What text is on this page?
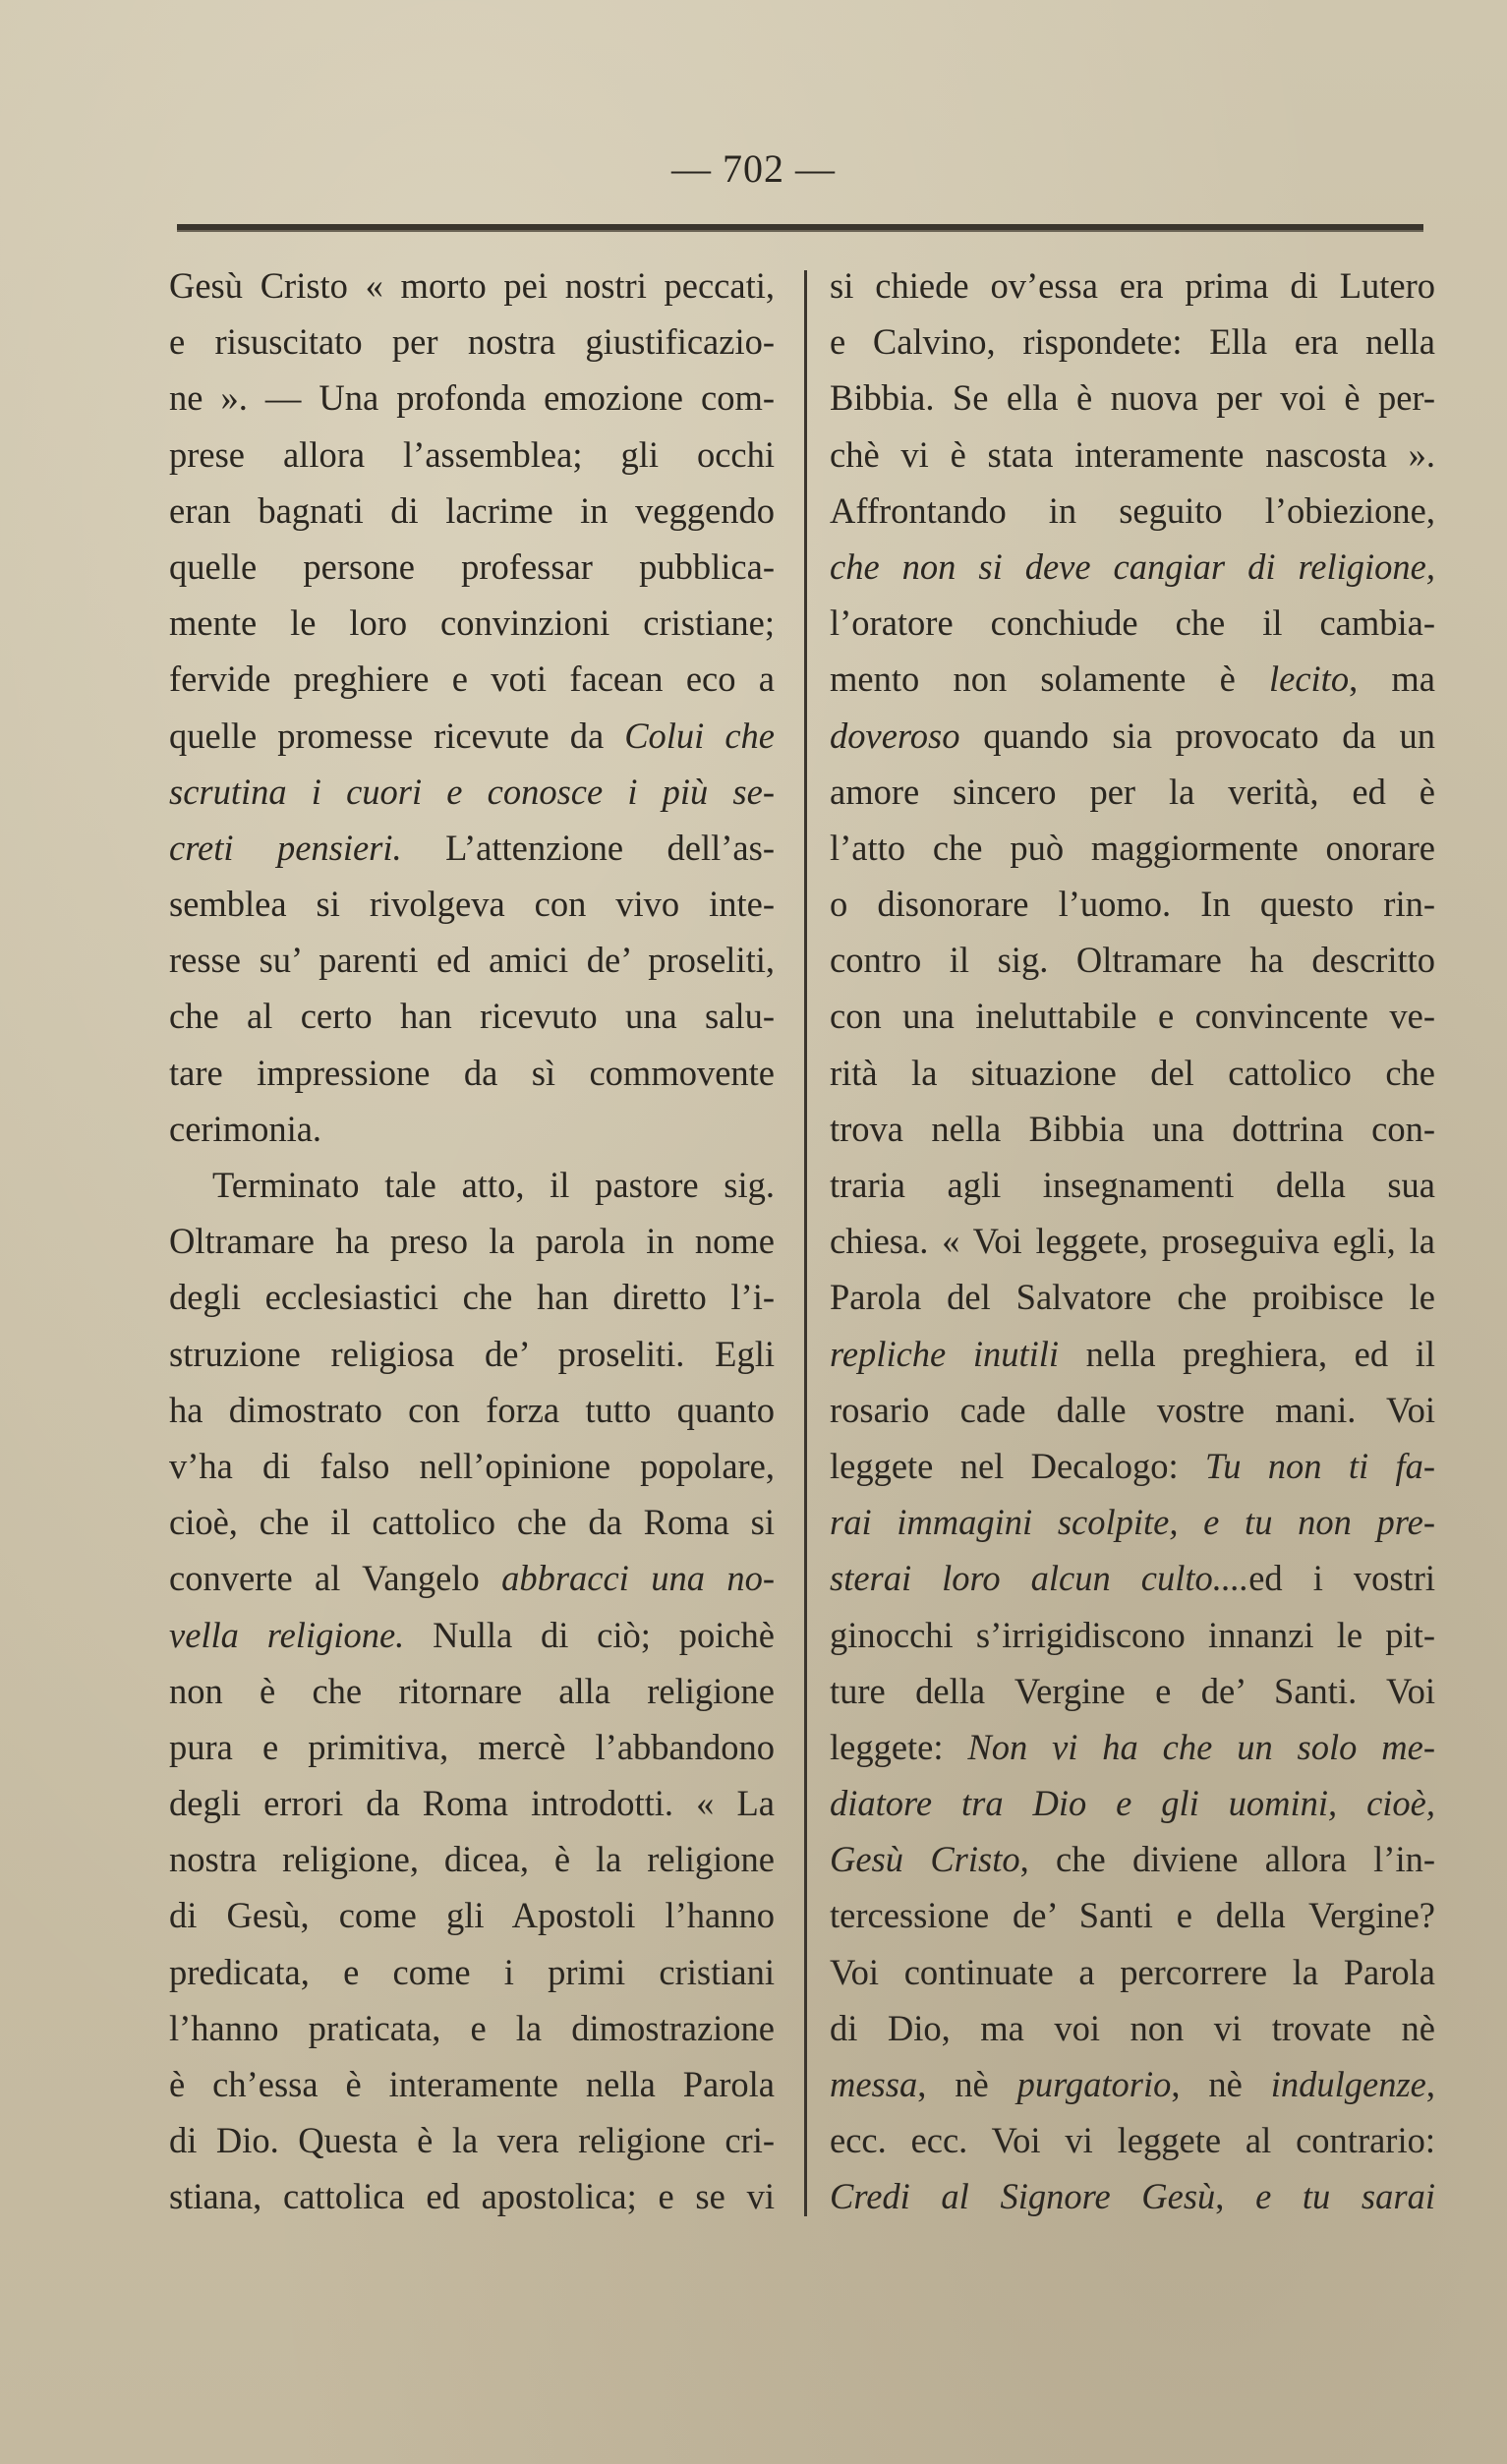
— 702 —
Gesù Cristo « morto pei nostri peccati,
e risuscitato per nostra giustificazio-
ne ». — Una profonda emozione com-
prese allora l’assemblea; gli occhi
eran bagnati di lacrime in veggendo
quelle persone professar pubblica-
mente le loro convinzioni cristiane;
fervide preghiere e voti facean eco a
quelle promesse ricevute da Colui che
scrutina i cuori e conosce i più se-
creti pensieri. L’attenzione dell’as-
semblea si rivolgeva con vivo inte-
resse su’ parenti ed amici de’ proseliti,
che al certo han ricevuto una salu-
tare impressione da sì commovente
cerimonia.
Terminato tale atto, il pastore sig.
Oltramare ha preso la parola in nome
degli ecclesiastici che han diretto l’i-
struzione religiosa de’ proseliti. Egli
ha dimostrato con forza tutto quanto
v’ha di falso nell’opinione popolare,
cioè, che il cattolico che da Roma si
converte al Vangelo abbracci una no-
vella religione. Nulla di ciò; poichè
non è che ritornare alla religione
pura e primitiva, mercè l’abbandono
degli errori da Roma introdotti. « La
nostra religione, dicea, è la religione
di Gesù, come gli Apostoli l’hanno
predicata, e come i primi cristiani
l’hanno praticata, e la dimostrazione
è ch’essa è interamente nella Parola
di Dio. Questa è la vera religione cri-
stiana, cattolica ed apostolica; e se vi
si chiede ov’essa era prima di Lutero
e Calvino, rispondete: Ella era nella
Bibbia. Se ella è nuova per voi è per-
chè vi è stata interamente nascosta ».
Affrontando in seguito l’obiezione,
che non si deve cangiar di religione,
l’oratore conchiude che il cambia-
mento non solamente è lecito, ma
doveroso quando sia provocato da un
amore sincero per la verità, ed è
l’atto che può maggiormente onorare
o disonorare l’uomo. In questo rin-
contro il sig. Oltramare ha descritto
con una ineluttabile e convincente ve-
rità la situazione del cattolico che
trova nella Bibbia una dottrina con-
traria agli insegnamenti della sua
chiesa. « Voi leggete, proseguiva egli, la
Parola del Salvatore che proibisce le
repliche inutili nella preghiera, ed il
rosario cade dalle vostre mani. Voi
leggete nel Decalogo: Tu non ti fa-
rai immagini scolpite, e tu non pre-
sterai loro alcun culto....ed i vostri
ginocchi s’irrigidiscono innanzi le pit-
ture della Vergine e de’ Santi. Voi
leggete: Non vi ha che un solo me-
diatore tra Dio e gli uomini, cioè,
Gesù Cristo, che diviene allora l’in-
tercessione de’ Santi e della Vergine?
Voi continuate a percorrere la Parola
di Dio, ma voi non vi trovate nè
messa, nè purgatorio, nè indulgenze,
ecc. ecc. Voi vi leggete al contrario:
Credi al Signore Gesù, e tu sarai
